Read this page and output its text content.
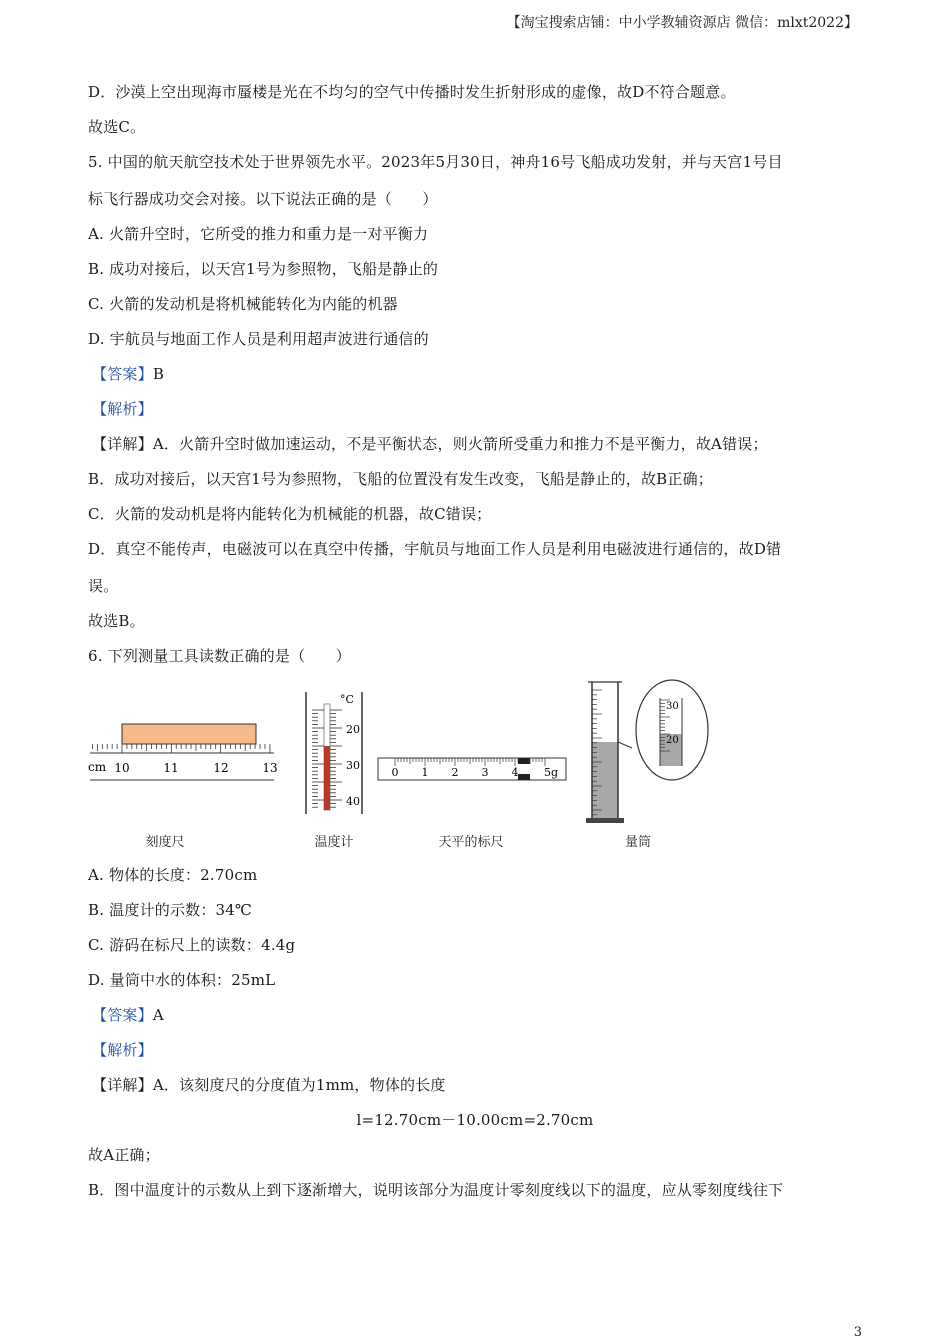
【淘宝搜索店铺：中小学教辅资源店 微信：mlxt2022】
D．沙漠上空出现海市蜃楼是光在不均匀的空气中传播时发生折射形成的虚像，故D不符合题意。
故选C。
5. 中国的航天航空技术处于世界领先水平。2023年5月30日，神舟16号飞船成功发射，并与天宫1号目
标飞行器成功交会对接。以下说法正确的是（　　）
A. 火箭升空时，它所受的推力和重力是一对平衡力
B. 成功对接后，以天宫1号为参照物，飞船是静止的
C. 火箭的发动机是将机械能转化为内能的机器
D. 宇航员与地面工作人员是利用超声波进行通信的
【答案】B
【解析】
【详解】A．火箭升空时做加速运动，不是平衡状态，则火箭所受重力和推力不是平衡力，故A错误；
B．成功对接后，以天宫1号为参照物，飞船的位置没有发生改变，飞船是静止的，故B正确；
C．火箭的发动机是将内能转化为机械能的机器，故C错误；
D．真空不能传声，电磁波可以在真空中传播，宇航员与地面工作人员是利用电磁波进行通信的，故D错
误。
故选B。
6. 下列测量工具读数正确的是（　　）
cm 10	11	12	13
°C
20
30
40
0 1 2 3 4 5g
30
20
刻度尺	温度计	天平的标尺	量筒
A. 物体的长度：2.70cm
B. 温度计的示数：34℃
C. 游码在标尺上的读数：4.4g
D. 量筒中水的体积：25mL
【答案】A
【解析】
【详解】A．该刻度尺的分度值为1mm，物体的长度
l=12.70cm－10.00cm=2.70cm
故A正确；
B．图中温度计的示数从上到下逐渐增大，说明该部分为温度计零刻度线以下的温度，应从零刻度线往下
3
